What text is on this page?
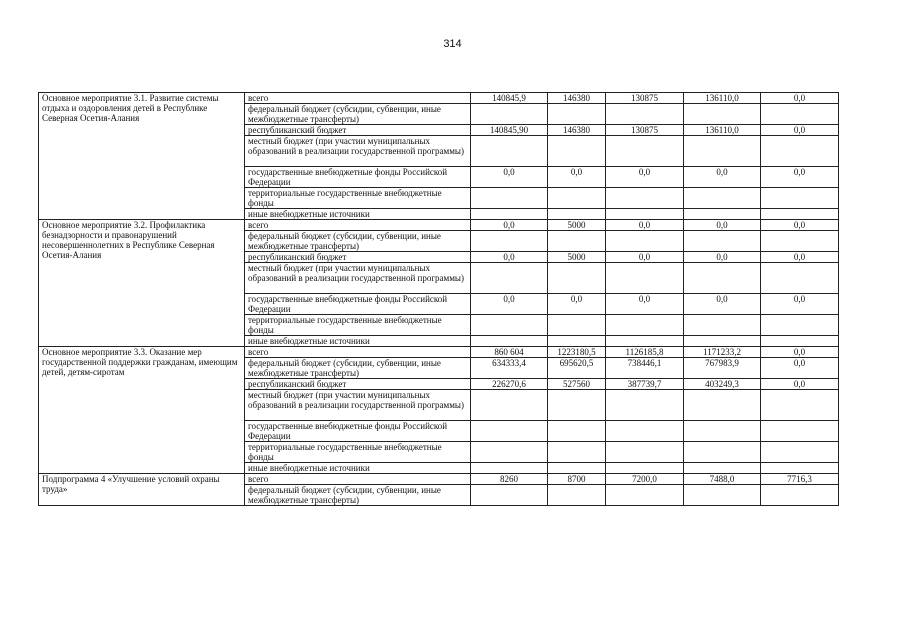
314
Основное мероприятие 3.1. Развитие системы отдыха и оздоровления детей в Республике Северная Осетия-Алания	всего	140845,9	146380	130875	136110,0	0,0
	федеральный бюджет (субсидии, субвенции, иные межбюджетные трансферты)					
	республиканский бюджет	140845,90	146380	130875	136110,0	0,0
	местный бюджет (при участии муниципальных образований в реализации государственной программы)					
	государственные внебюджетные фонды Российской Федерации	0,0	0,0	0,0	0,0	0,0
	территориальные государственные внебюджетные фонды					
	иные внебюджетные источники					
Основное мероприятие 3.2. Профилактика безнадзорности и правонарушений несовершеннолетних в Республике Северная Осетия-Алания	всего	0,0	5000	0,0	0,0	0,0
	федеральный бюджет (субсидии, субвенции, иные межбюджетные трансферты)					
	республиканский бюджет	0,0	5000	0,0	0,0	0,0
	местный бюджет (при участии муниципальных образований в реализации государственной программы)					
	государственные внебюджетные фонды Российской Федерации	0,0	0,0	0,0	0,0	0,0
	территориальные государственные внебюджетные фонды					
	иные внебюджетные источники					
Основное мероприятие 3.3. Оказание мер государственной поддержки гражданам, имеющим детей, детям-сиротам	всего	860 604	1223180,5	1126185,8	1171233,2	0,0
	федеральный бюджет (субсидии, субвенции, иные межбюджетные трансферты)	634333,4	695620,5	738446,1	767983,9	0,0
	республиканский бюджет	226270,6	527560	387739,7	403249,3	0,0
	местный бюджет (при участии муниципальных образований в реализации государственной программы)					
	государственные внебюджетные фонды Российской Федерации					
	территориальные государственные внебюджетные фонды					
	иные внебюджетные источники					
Подпрограмма 4 «Улучшение условий охраны труда»	всего	8260	8700	7200,0	7488,0	7716,3
	федеральный бюджет (субсидии, субвенции, иные межбюджетные трансферты)					
